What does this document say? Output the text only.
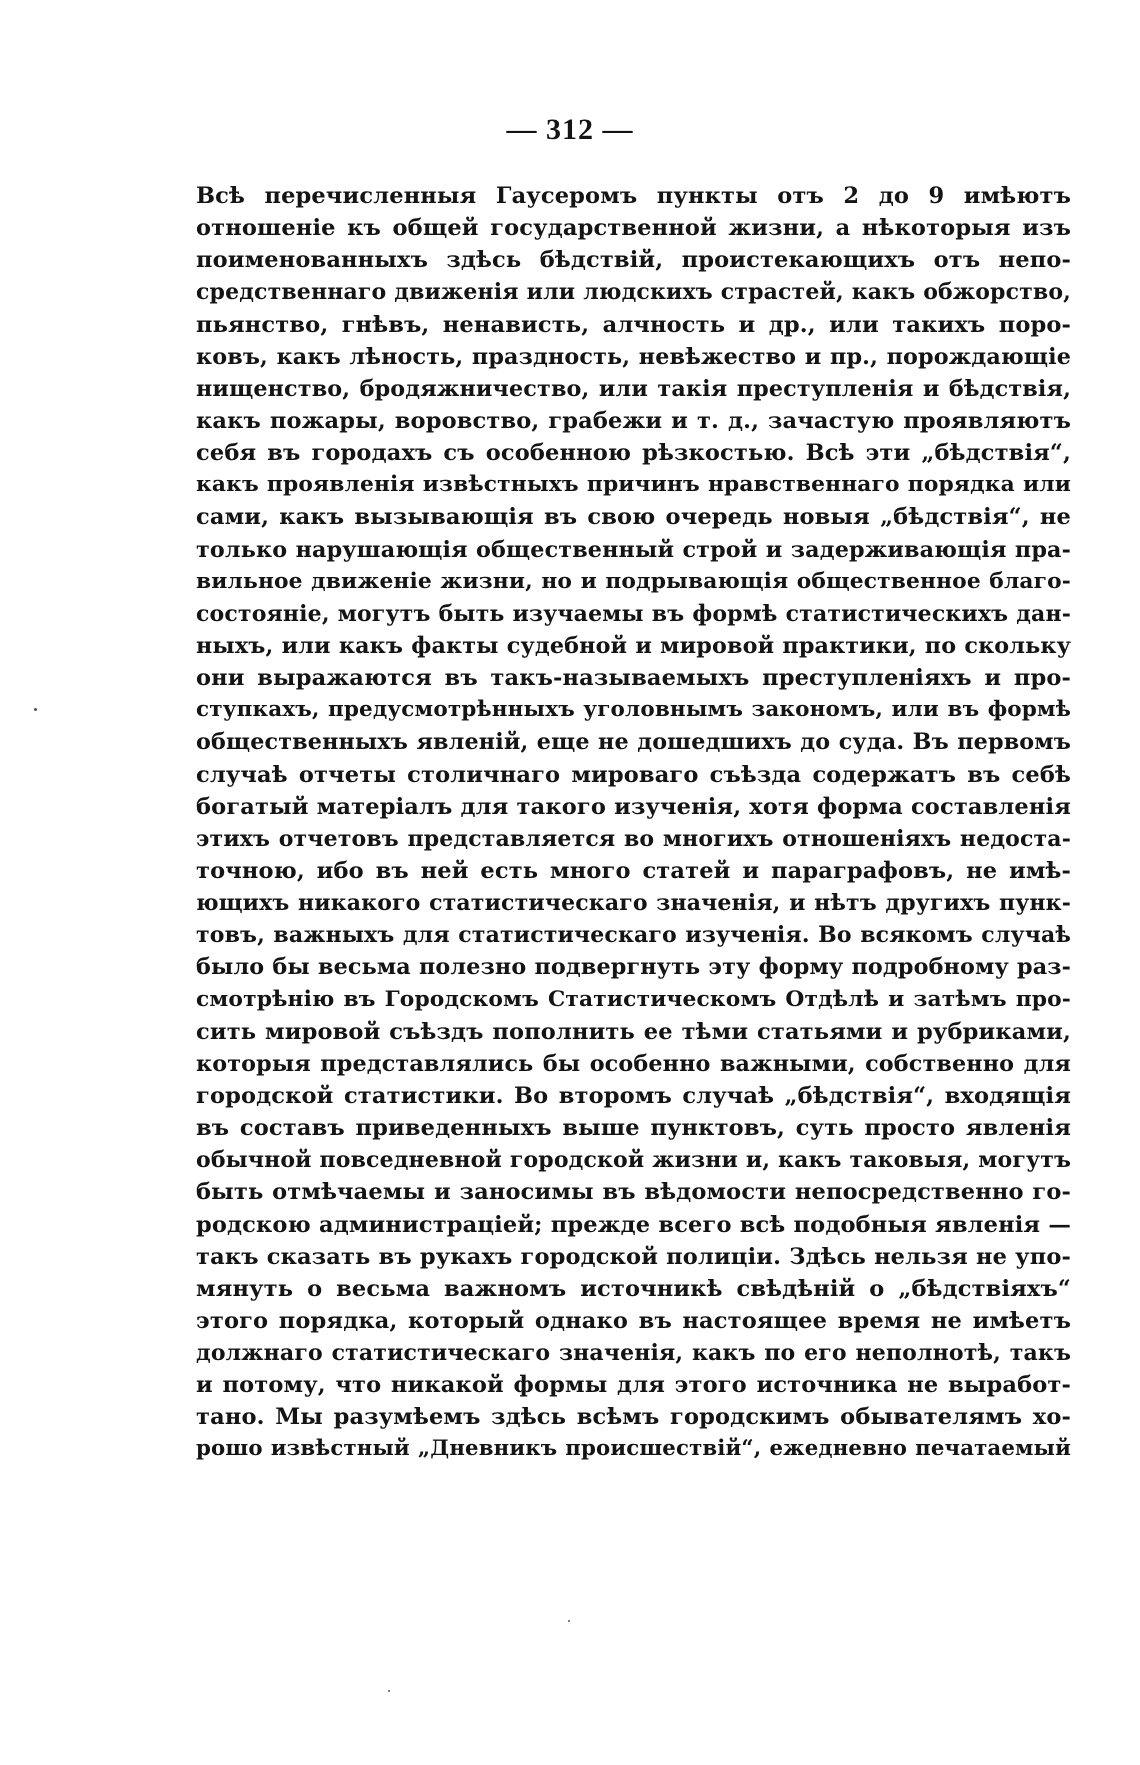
— 312 —
Всѣ перечисленныя Гаусеромъ пункты отъ 2 до 9 имѣютъ
отношеніе къ общей государственной жизни, а нѣкоторыя изъ
поименованныхъ здѣсь бѣдствій, проистекающихъ отъ непо-
средственнаго движенія или людскихъ страстей, какъ обжорство,
пьянство, гнѣвъ, ненависть, алчность и др., или такихъ поро-
ковъ, какъ лѣность, праздность, невѣжество и пр., порождающіе
нищенство, бродяжничество, или такія преступленія и бѣдствія,
какъ пожары, воровство, грабежи и т. д., зачастую проявляютъ
себя въ городахъ съ особенною рѣзкостью. Всѣ эти „бѣдствія“,
какъ проявленія извѣстныхъ причинъ нравственнаго порядка или
сами, какъ вызывающія въ свою очередь новыя „бѣдствія“, не
только нарушающія общественный строй и задерживающія пра-
вильное движеніе жизни, но и подрывающія общественное благо-
состояніе, могутъ быть изучаемы въ формѣ статистическихъ дан-
ныхъ, или какъ факты судебной и мировой практики, по скольку
они выражаются въ такъ-называемыхъ преступленіяхъ и про-
ступкахъ, предусмотрѣнныхъ уголовнымъ закономъ, или въ формѣ
общественныхъ явленій, еще не дошедшихъ до суда. Въ первомъ
случаѣ отчеты столичнаго мироваго съѣзда содержатъ въ себѣ
богатый матеріалъ для такого изученія, хотя форма составленія
этихъ отчетовъ представляется во многихъ отношеніяхъ недоста-
точною, ибо въ ней есть много статей и параграфовъ, не имѣ-
ющихъ никакого статистическаго значенія, и нѣтъ другихъ пунк-
товъ, важныхъ для статистическаго изученія. Во всякомъ случаѣ
было бы весьма полезно подвергнуть эту форму подробному раз-
смотрѣнію въ Городскомъ Статистическомъ Отдѣлѣ и затѣмъ про-
сить мировой съѣздъ пополнить ее тѣми статьями и рубриками,
которыя представлялись бы особенно важными, собственно для
городской статистики. Во второмъ случаѣ „бѣдствія“, входящія
въ составъ приведенныхъ выше пунктовъ, суть просто явленія
обычной повседневной городской жизни и, какъ таковыя, могутъ
быть отмѣчаемы и заносимы въ вѣдомости непосредственно го-
родскою администраціей; прежде всего всѣ подобныя явленія —
такъ сказать въ рукахъ городской полиціи. Здѣсь нельзя не упо-
мянуть о весьма важномъ источникѣ свѣдѣній о „бѣдствіяхъ“
этого порядка, который однако въ настоящее время не имѣетъ
должнаго статистическаго значенія, какъ по его неполнотѣ, такъ
и потому, что никакой формы для этого источника не выработ-
тано. Мы разумѣемъ здѣсь всѣмъ городскимъ обывателямъ хо-
рошо извѣстный „Дневникъ происшествій“, ежедневно печатаемый
